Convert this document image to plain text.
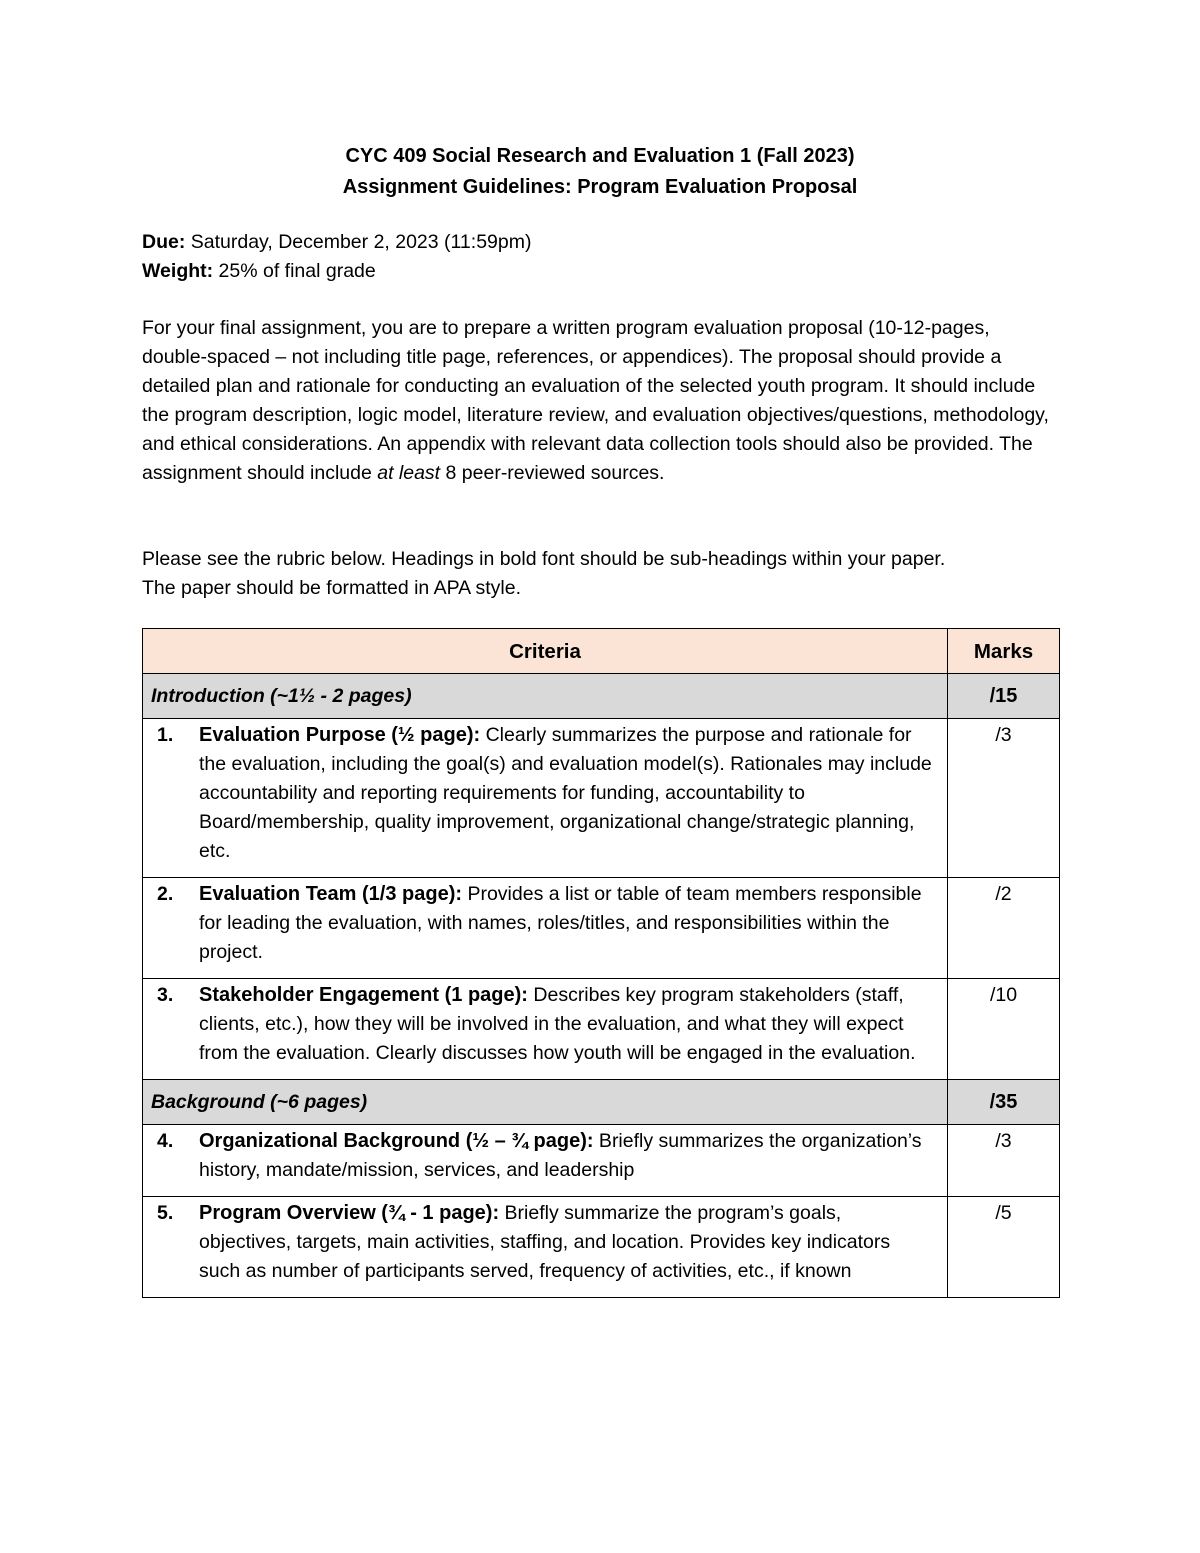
CYC 409 Social Research and Evaluation 1 (Fall 2023)
Assignment Guidelines: Program Evaluation Proposal
Due: Saturday, December 2, 2023 (11:59pm)
Weight: 25% of final grade
For your final assignment, you are to prepare a written program evaluation proposal (10-12-pages, double-spaced – not including title page, references, or appendices). The proposal should provide a detailed plan and rationale for conducting an evaluation of the selected youth program. It should include the program description, logic model, literature review, and evaluation objectives/questions, methodology, and ethical considerations. An appendix with relevant data collection tools should also be provided. The assignment should include at least 8 peer-reviewed sources.
Please see the rubric below. Headings in bold font should be sub-headings within your paper.
The paper should be formatted in APA style.
Criteria	Marks
Introduction (~1½ - 2 pages)	/15

1. Evaluation Purpose (½ page): Clearly summarizes the purpose and rationale for the evaluation, including the goal(s) and evaluation model(s). Rationales may include accountability and reporting requirements for funding, accountability to Board/membership, quality improvement, organizational change/strategic planning, etc.	/3

2. Evaluation Team (1/3 page): Provides a list or table of team members responsible for leading the evaluation, with names, roles/titles, and responsibilities within the project.	/2

3. Stakeholder Engagement (1 page): Describes key program stakeholders (staff, clients, etc.), how they will be involved in the evaluation, and what they will expect from the evaluation. Clearly discusses how youth will be engaged in the evaluation.	/10
Background (~6 pages)	/35

4. Organizational Background (½ – ¾ page): Briefly summarizes the organization’s history, mandate/mission, services, and leadership	/3

5. Program Overview (¾ - 1 page): Briefly summarize the program’s goals, objectives, targets, main activities, staffing, and location. Provides key indicators such as number of participants served, frequency of activities, etc., if known	/5
